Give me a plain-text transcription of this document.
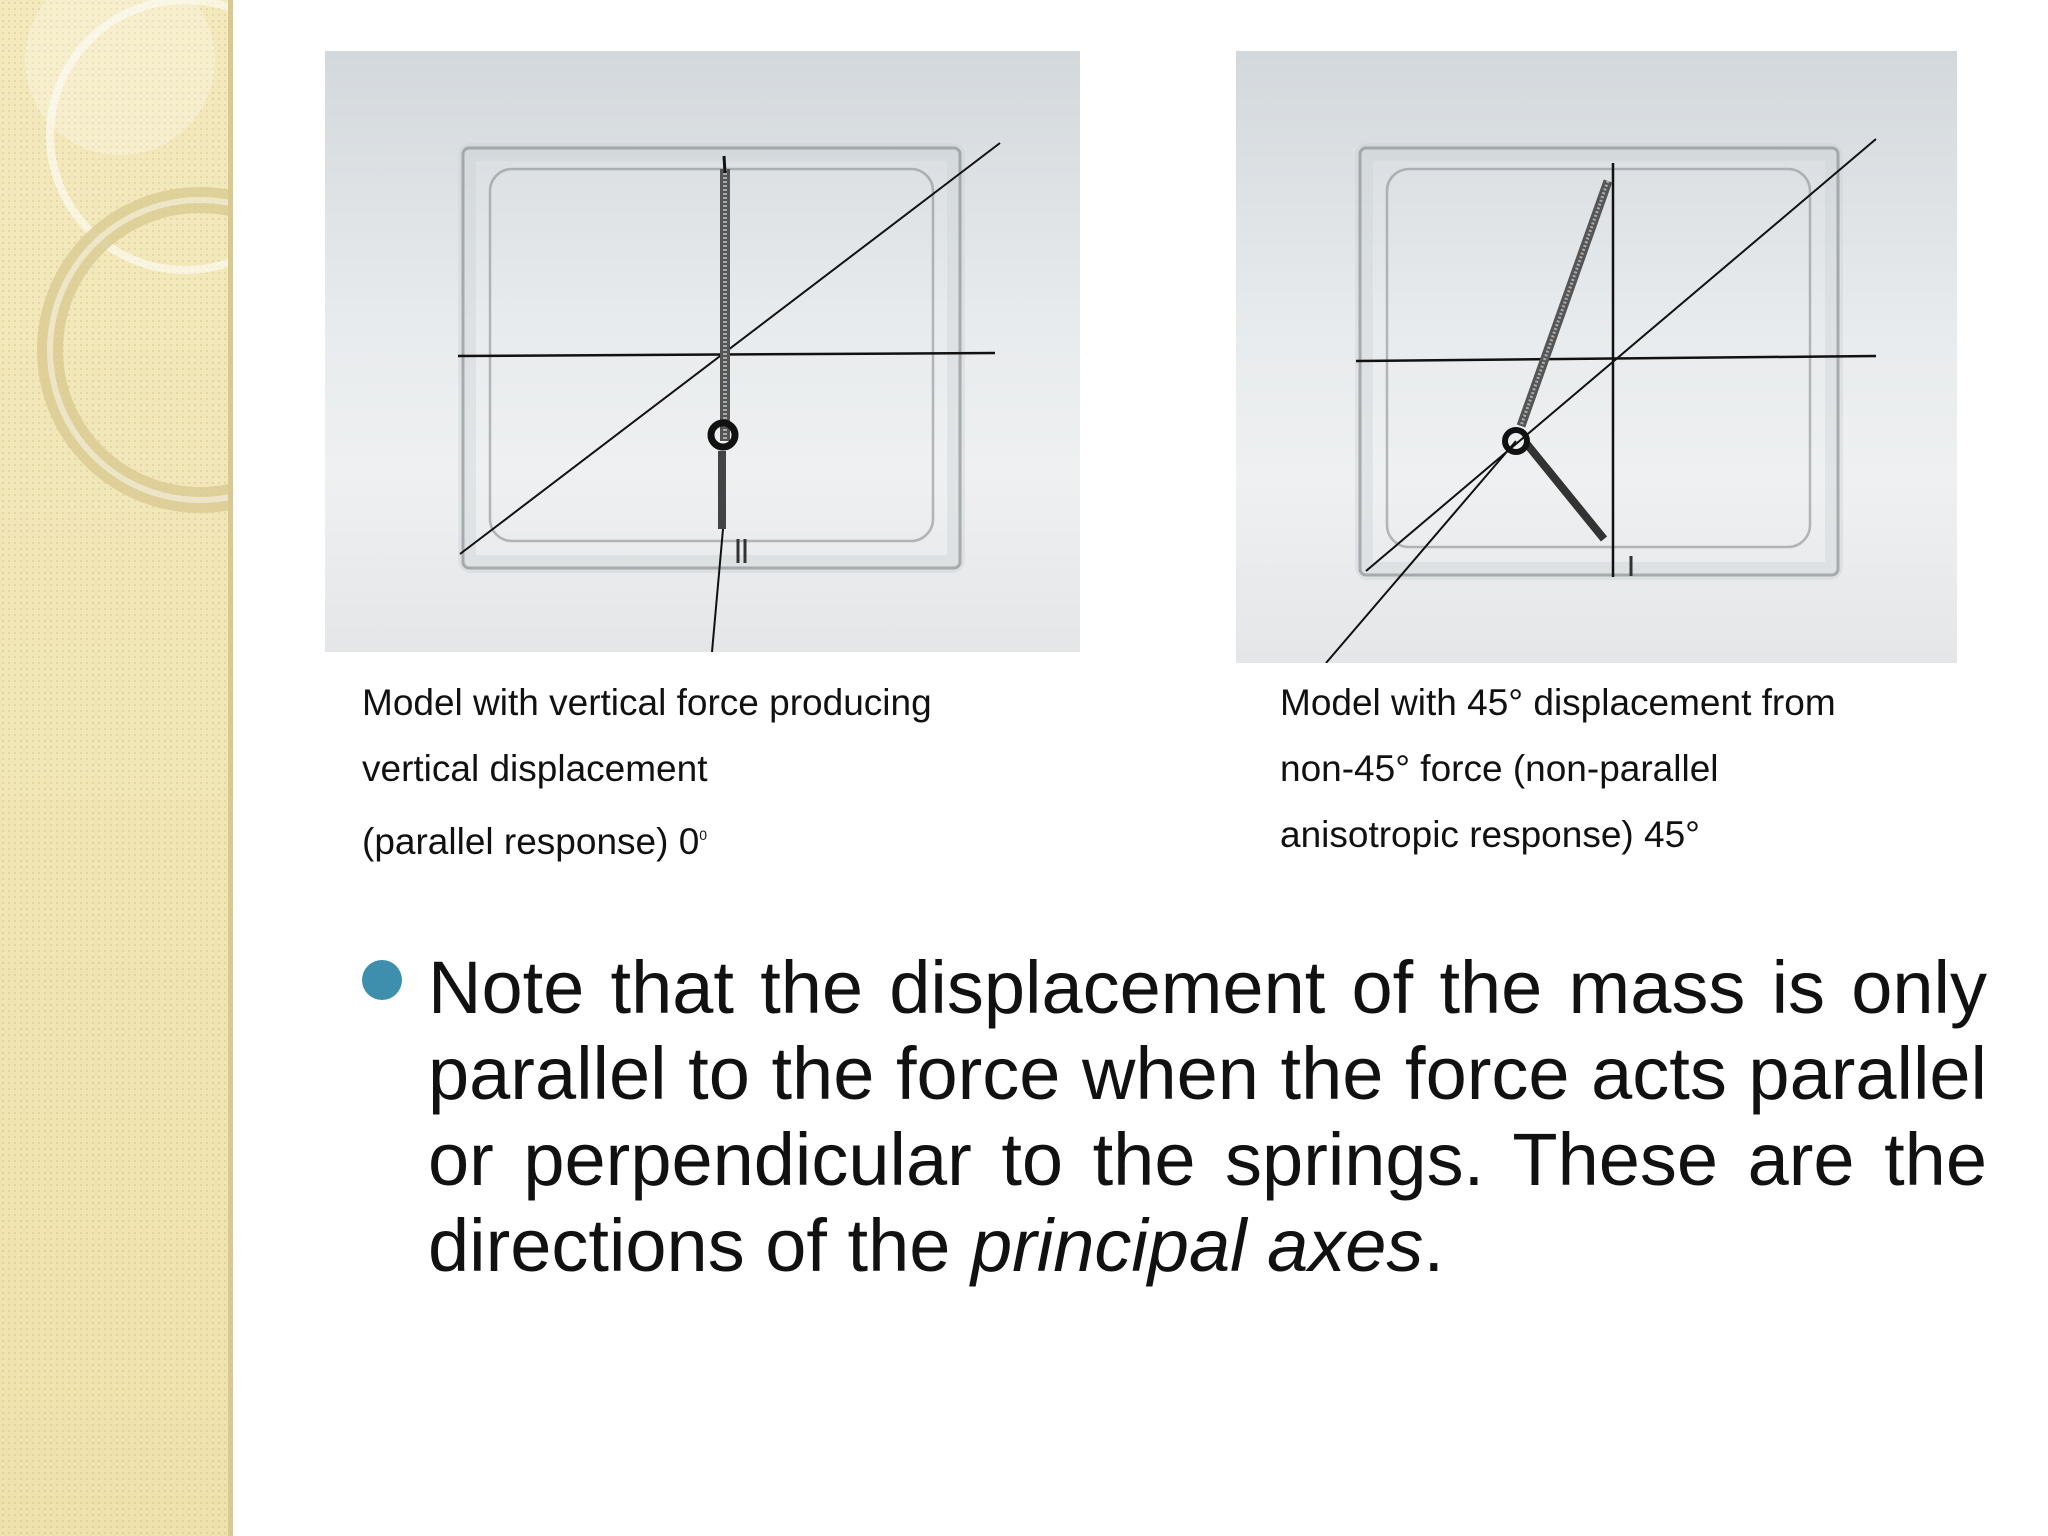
Model with vertical force producing
vertical displacement
(parallel response) $0^0$
Model with 45° displacement from
non-45° force (non-parallel
anisotropic response) 45°
Note that the displacement of the mass is only parallel to the force when the force acts parallel or perpendicular to the springs. These are the directions of the principal axes.
